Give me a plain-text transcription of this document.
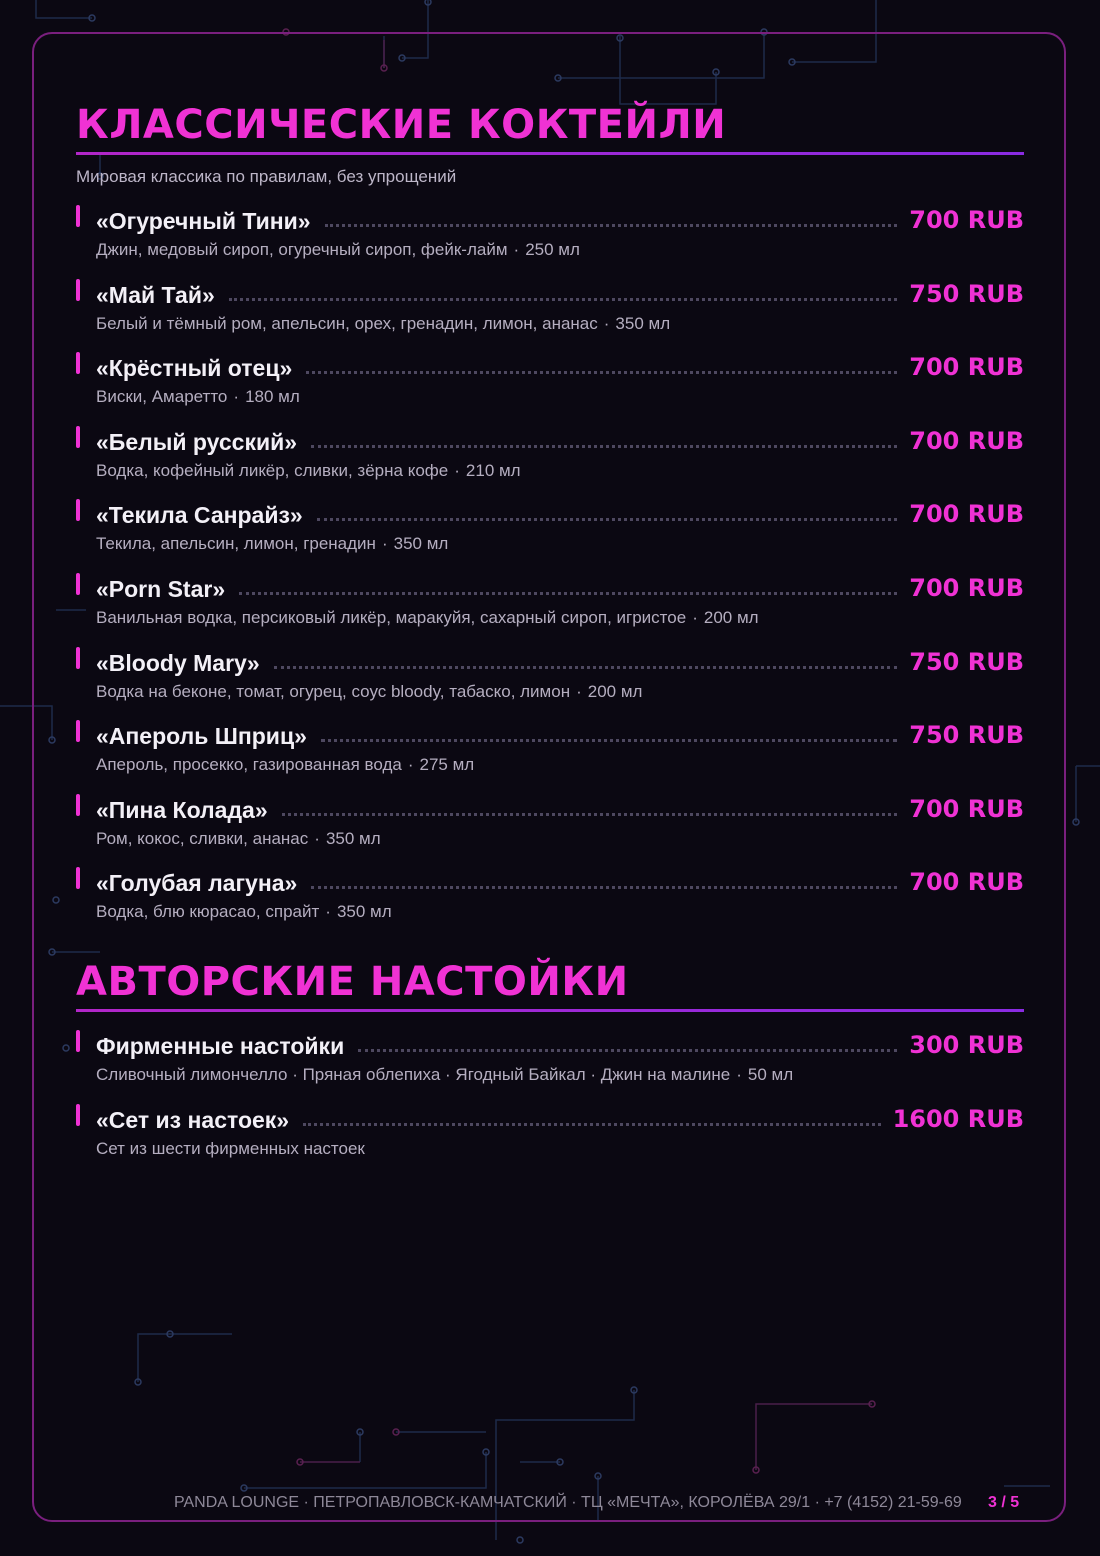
КЛАССИЧЕСКИЕ КОКТЕЙЛИ
Мировая классика по правилам, без упрощений
«Огуречный Тини»	700 RUB
Джин, медовый сироп, огуречный сироп, фейк-лайм · 250 мл
«Май Тай»	750 RUB
Белый и тёмный ром, апельсин, орех, гренадин, лимон, ананас · 350 мл
«Крёстный отец»	700 RUB
Виски, Амаретто · 180 мл
«Белый русский»	700 RUB
Водка, кофейный ликёр, сливки, зёрна кофе · 210 мл
«Текила Санрайз»	700 RUB
Текила, апельсин, лимон, гренадин · 350 мл
«Porn Star»	700 RUB
Ванильная водка, персиковый ликёр, маракуйя, сахарный сироп, игристое · 200 мл
«Bloody Mary»	750 RUB
Водка на беконе, томат, огурец, соус bloody, табаско, лимон · 200 мл
«Апероль Шприц»	750 RUB
Апероль, просекко, газированная вода · 275 мл
«Пина Колада»	700 RUB
Ром, кокос, сливки, ананас · 350 мл
«Голубая лагуна»	700 RUB
Водка, блю кюрасао, спрайт · 350 мл
АВТОРСКИЕ НАСТОЙКИ
Фирменные настойки	300 RUB
Сливочный лимончелло · Пряная облепиха · Ягодный Байкал · Джин на малине · 50 мл
«Сет из настоек»	1600 RUB
Сет из шести фирменных настоек
PANDA LOUNGE · ПЕТРОПАВЛОВСК-КАМЧАТСКИЙ · ТЦ «МЕЧТА», КОРОЛЁВА 29/1 · +7 (4152) 21-59-69 3 / 5
